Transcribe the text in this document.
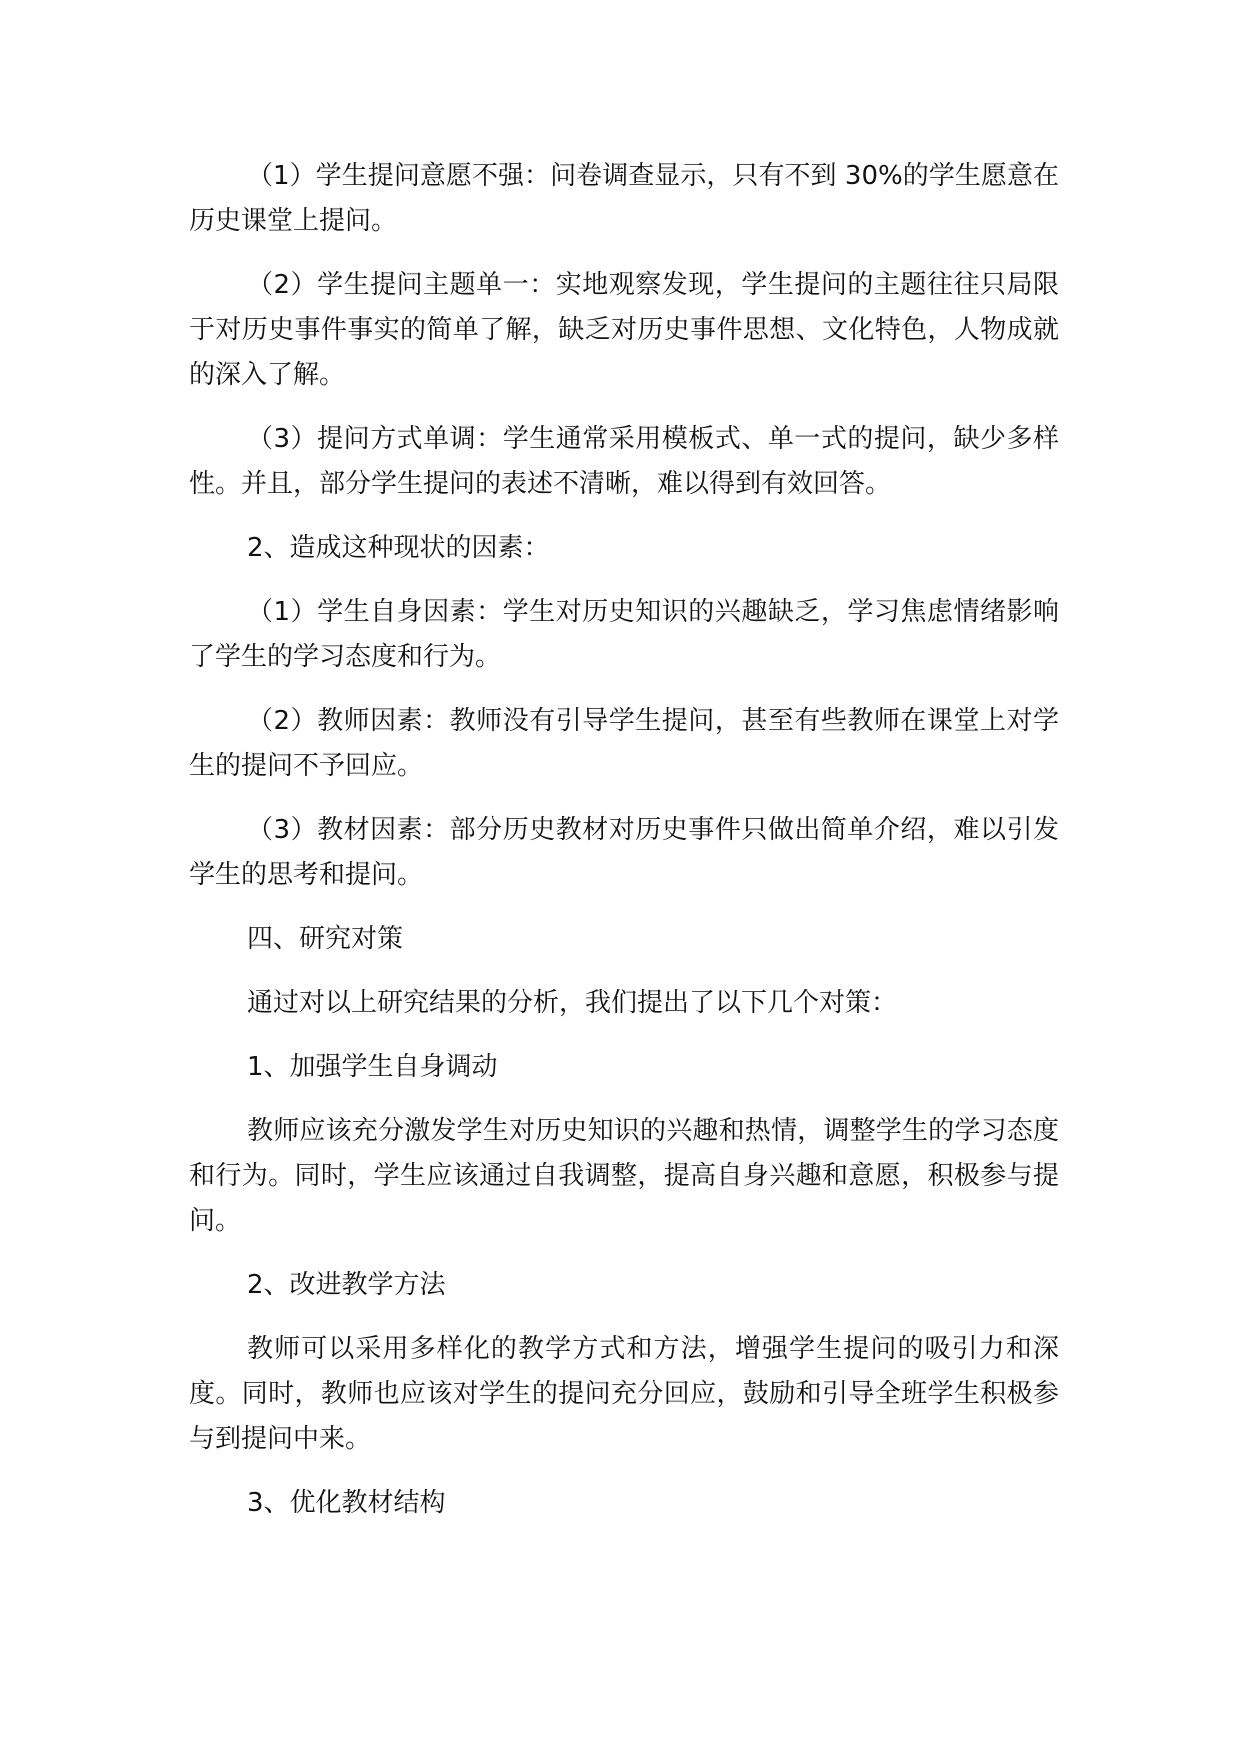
（1）学生提问意愿不强：问卷调查显示，只有不到 30%的学生愿意在历史课堂上提问。

（2）学生提问主题单一：实地观察发现，学生提问的主题往往只局限于对历史事件事实的简单了解，缺乏对历史事件思想、文化特色，人物成就的深入了解。

（3）提问方式单调：学生通常采用模板式、单一式的提问，缺少多样性。并且，部分学生提问的表述不清晰，难以得到有效回答。

2、造成这种现状的因素：

（1）学生自身因素：学生对历史知识的兴趣缺乏，学习焦虑情绪影响了学生的学习态度和行为。

（2）教师因素：教师没有引导学生提问，甚至有些教师在课堂上对学生的提问不予回应。

（3）教材因素：部分历史教材对历史事件只做出简单介绍，难以引发学生的思考和提问。

四、研究对策

通过对以上研究结果的分析，我们提出了以下几个对策：

1、加强学生自身调动

教师应该充分激发学生对历史知识的兴趣和热情，调整学生的学习态度和行为。同时，学生应该通过自我调整，提高自身兴趣和意愿，积极参与提问。

2、改进教学方法

教师可以采用多样化的教学方式和方法，增强学生提问的吸引力和深度。同时，教师也应该对学生的提问充分回应，鼓励和引导全班学生积极参与到提问中来。

3、优化教材结构
